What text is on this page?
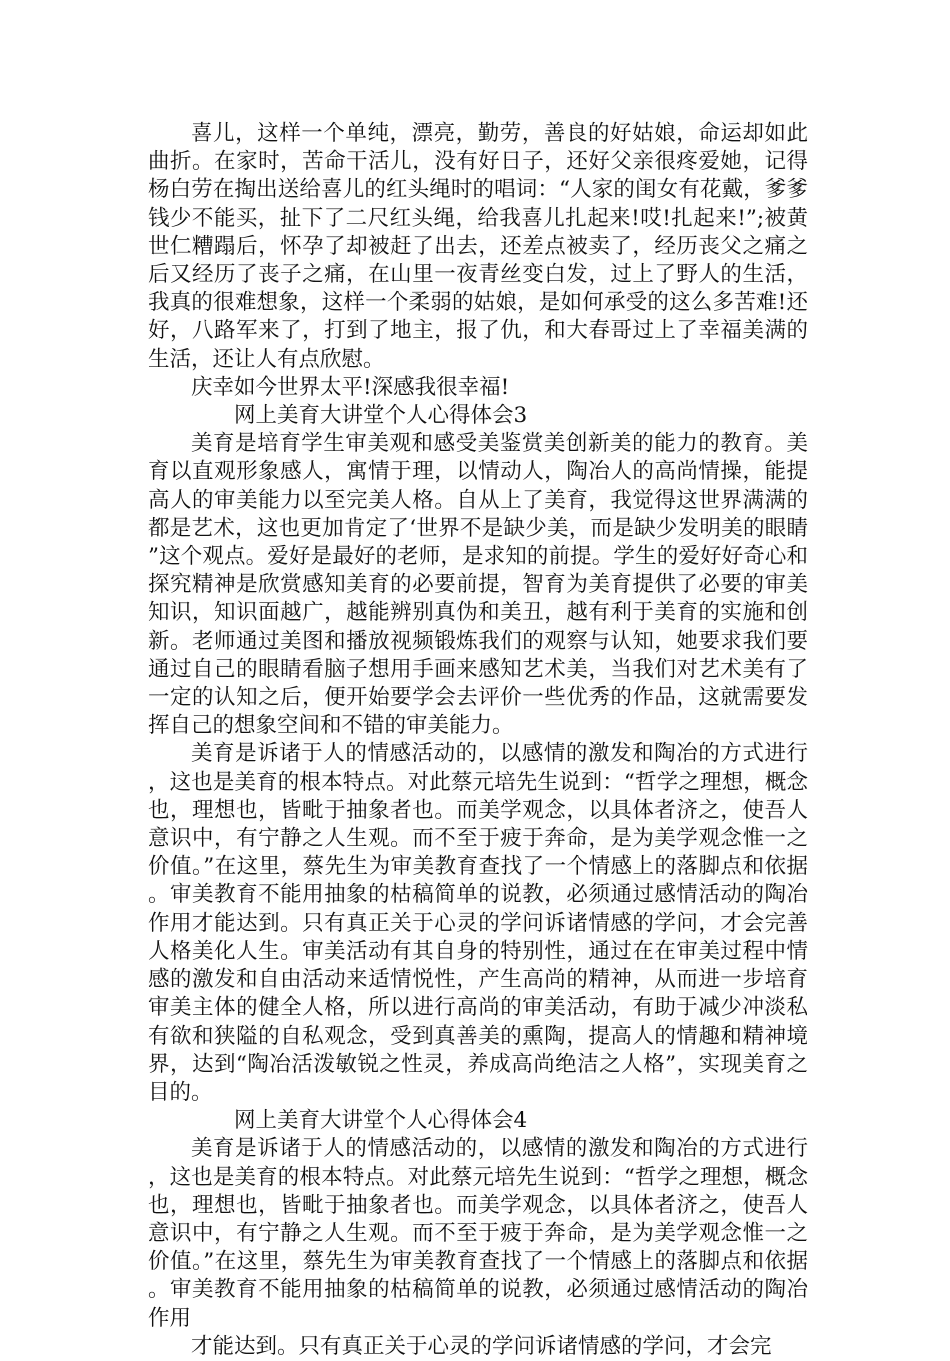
喜儿，这样一个单纯，漂亮，勤劳，善良的好姑娘，命运却如此曲折。在家时，苦命干活儿，没有好日子，还好父亲很疼爱她，记得杨白劳在掏出送给喜儿的红头绳时的唱词：“人家的闺女有花戴，爹爹钱少不能买，扯下了二尺红头绳，给我喜儿扎起来!哎!扎起来!”;被黄世仁糟蹋后，怀孕了却被赶了出去，还差点被卖了，经历丧父之痛之后又经历了丧子之痛，在山里一夜青丝变白发，过上了野人的生活，我真的很难想象，这样一个柔弱的姑娘，是如何承受的这么多苦难!还好，八路军来了，打到了地主，报了仇，和大春哥过上了幸福美满的生活，还让人有点欣慰。

庆幸如今世界太平!深感我很幸福!

网上美育大讲堂个人心得体会3

美育是培育学生审美观和感受美鉴赏美创新美的能力的教育。美育以直观形象感人，寓情于理，以情动人，陶冶人的高尚情操，能提高人的审美能力以至完美人格。自从上了美育，我觉得这世界满满的都是艺术，这也更加肯定了‘世界不是缺少美，而是缺少发明美的眼睛”这个观点。爱好是最好的老师，是求知的前提。学生的爱好好奇心和探究精神是欣赏感知美育的必要前提，智育为美育提供了必要的审美知识，知识面越广，越能辨别真伪和美丑，越有利于美育的实施和创新。老师通过美图和播放视频锻炼我们的观察与认知，她要求我们要通过自己的眼睛看脑子想用手画来感知艺术美，当我们对艺术美有了一定的认知之后，便开始要学会去评价一些优秀的作品，这就需要发挥自己的想象空间和不错的审美能力。

美育是诉诸于人的情感活动的，以感情的激发和陶冶的方式进行，这也是美育的根本特点。对此蔡元培先生说到：“哲学之理想，概念也，理想也，皆毗于抽象者也。而美学观念，以具体者济之，使吾人意识中，有宁静之人生观。而不至于疲于奔命，是为美学观念惟一之价值。”在这里，蔡先生为审美教育查找了一个情感上的落脚点和依据。审美教育不能用抽象的枯稿简单的说教，必须通过感情活动的陶冶作用才能达到。只有真正关于心灵的学问诉诸情感的学问，才会完善人格美化人生。审美活动有其自身的特别性，通过在在审美过程中情感的激发和自由活动来适情悦性，产生高尚的精神，从而进一步培育审美主体的健全人格，所以进行高尚的审美活动，有助于减少冲淡私有欲和狭隘的自私观念，受到真善美的熏陶，提高人的情趣和精神境界，达到“陶冶活泼敏锐之性灵，养成高尚绝洁之人格”，实现美育之目的。

网上美育大讲堂个人心得体会4

美育是诉诸于人的情感活动的，以感情的激发和陶冶的方式进行，这也是美育的根本特点。对此蔡元培先生说到：“哲学之理想，概念也，理想也，皆毗于抽象者也。而美学观念，以具体者济之，使吾人意识中，有宁静之人生观。而不至于疲于奔命，是为美学观念惟一之价值。”在这里，蔡先生为审美教育查找了一个情感上的落脚点和依据。审美教育不能用抽象的枯稿简单的说教，必须通过感情活动的陶冶作用

才能达到。只有真正关于心灵的学问诉诸情感的学问，才会完
